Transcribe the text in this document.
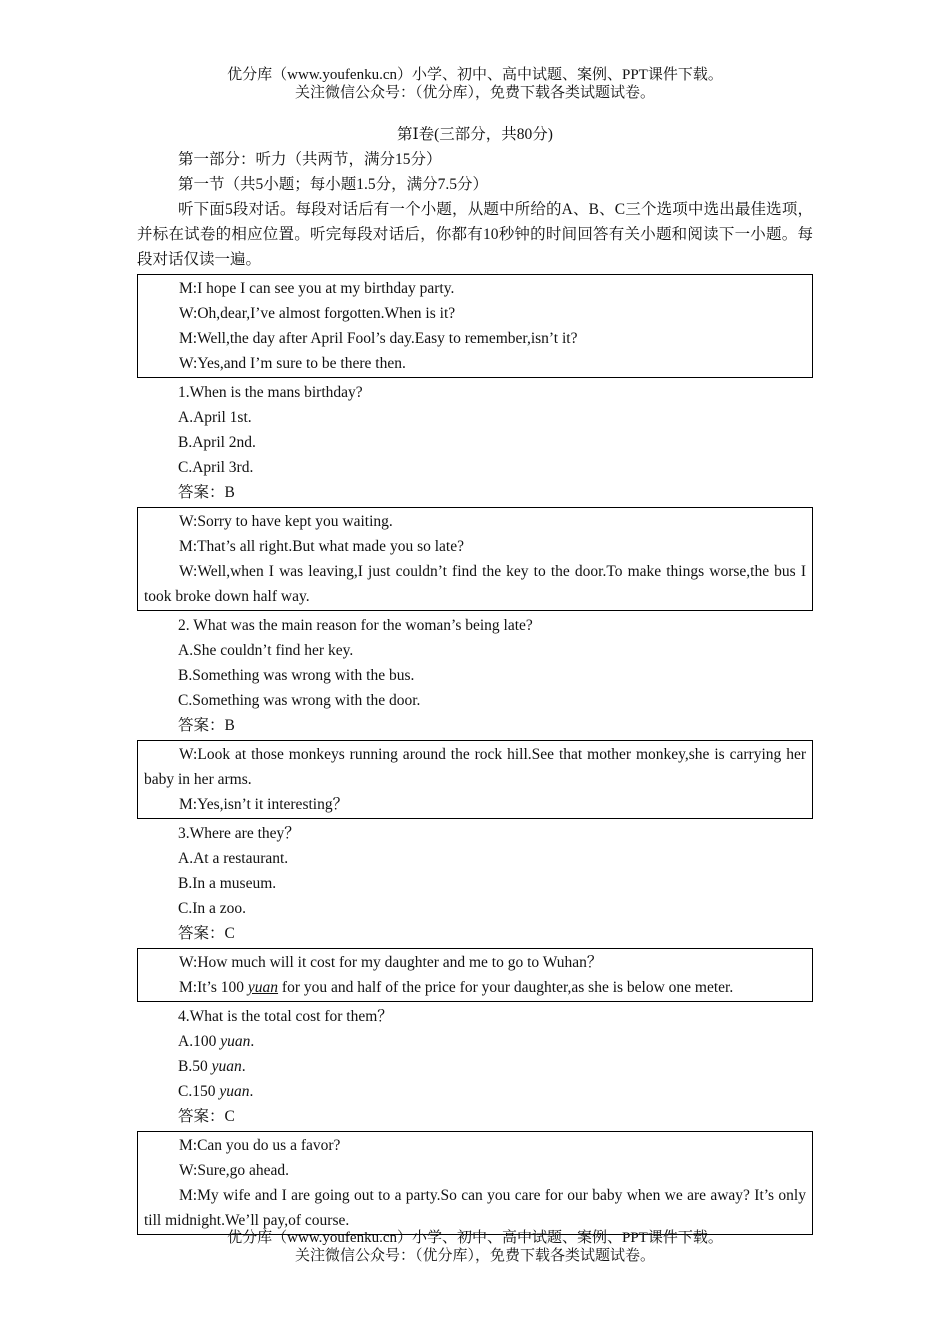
优分库（www.youfenku.cn）小学、初中、高中试题、案例、PPT课件下载。
关注微信公众号：（优分库），免费下载各类试题试卷。
第Ⅰ卷(三部分，共80分)
第一部分：听力（共两节，满分15分）
第一节（共5小题；每小题1.5分，满分7.5分）
听下面5段对话。每段对话后有一个小题，从题中所给的A、B、C三个选项中选出最佳选项，并标在试卷的相应位置。听完每段对话后，你都有10秒钟的时间回答有关小题和阅读下一小题。每段对话仅读一遍。
M:I hope I can see you at my birthday party.
W:Oh,dear,I’ve almost forgotten.When is it?
M:Well,the day after April Fool’s day.Easy to remember,isn’t it?
W:Yes,and I’m sure to be there then.
1.When is the mans birthday?
A.April 1st.
B.April 2nd.
C.April 3rd.
答案：B
W:Sorry to have kept you waiting.
M:That’s all right.But what made you so late?
W:Well,when I was leaving,I just couldn’t find the key to the door.To make things worse,the bus I took broke down half way.
2. What was the main reason for the woman’s being late?
A.She couldn’t find her key.
B.Something was wrong with the bus.
C.Something was wrong with the door.
答案：B
W:Look at those monkeys running around the rock hill.See that mother monkey,she is carrying her baby in her arms.
M:Yes,isn’t it interesting？
3.Where are they？
A.At a restaurant.
B.In a museum.
C.In a zoo.
答案：C
W:How much will it cost for my daughter and me to go to Wuhan？
M:It’s 100 yuan for you and half of the price for your daughter,as she is below one meter.
4.What is the total cost for them？
A.100 yuan.
B.50 yuan.
C.150 yuan.
答案：C
M:Can you do us a favor?
W:Sure,go ahead.
M:My wife and I are going out to a party.So can you care for our baby when we are away? It’s only till midnight.We’ll pay,of course.
优分库（www.youfenku.cn）小学、初中、高中试题、案例、PPT课件下载。
关注微信公众号：（优分库），免费下载各类试题试卷。
